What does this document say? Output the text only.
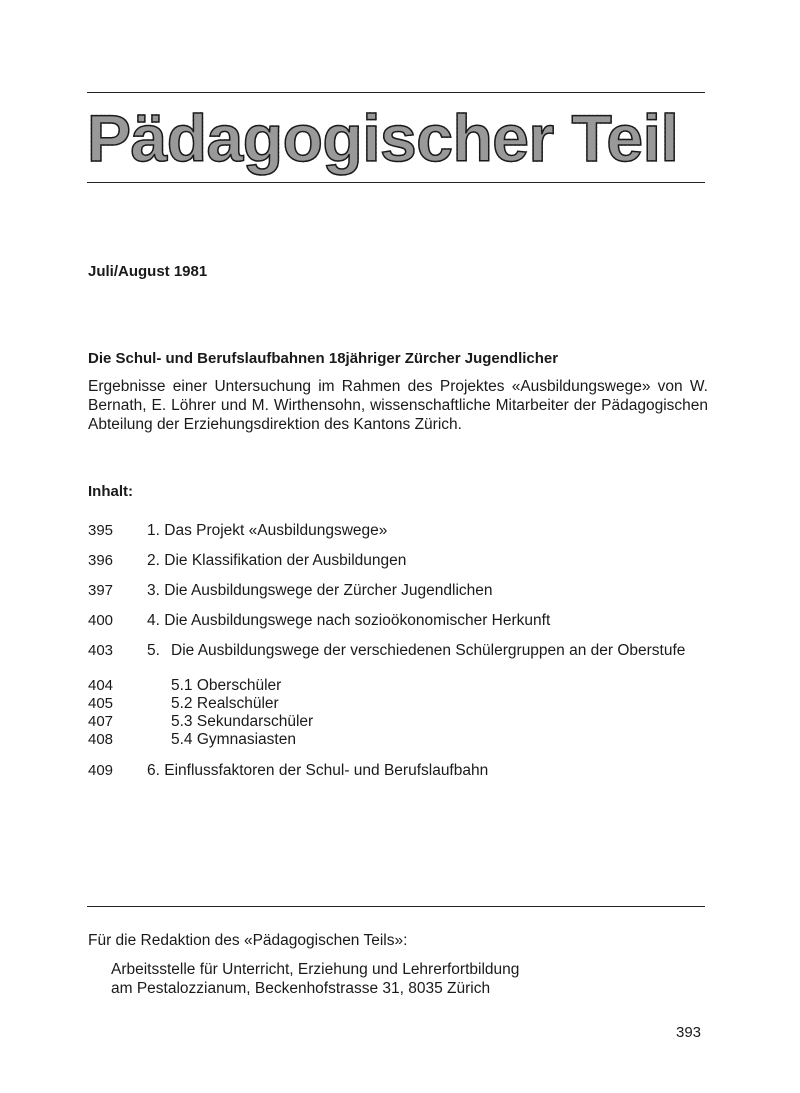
Pädagogischer Teil
Juli/August 1981
Die Schul- und Berufslaufbahnen 18jähriger Zürcher Jugendlicher

Ergebnisse einer Untersuchung im Rahmen des Projektes «Ausbildungswege» von W. Bernath, E. Löhrer und M. Wirthensohn, wissenschaftliche Mitarbeiter der Pädagogischen Abteilung der Erziehungsdirektion des Kantons Zürich.

Inhalt:
395 1. Das Projekt «Ausbildungswege»
396 2. Die Klassifikation der Ausbildungen
397 3. Die Ausbildungswege der Zürcher Jugendlichen
400 4. Die Ausbildungswege nach sozioökonomischer Herkunft
403 5. Die Ausbildungswege der verschiedenen Schülergruppen an der Oberstufe
404	5.1 Oberschüler
405	5.2 Realschüler
407	5.3 Sekundarschüler
408	5.4 Gymnasiasten
409 6. Einflussfaktoren der Schul- und Berufslaufbahn
Für die Redaktion des «Pädagogischen Teils»:
Arbeitsstelle für Unterricht, Erziehung und Lehrerfortbildung
am Pestalozzianum, Beckenhofstrasse 31, 8035 Zürich
393
